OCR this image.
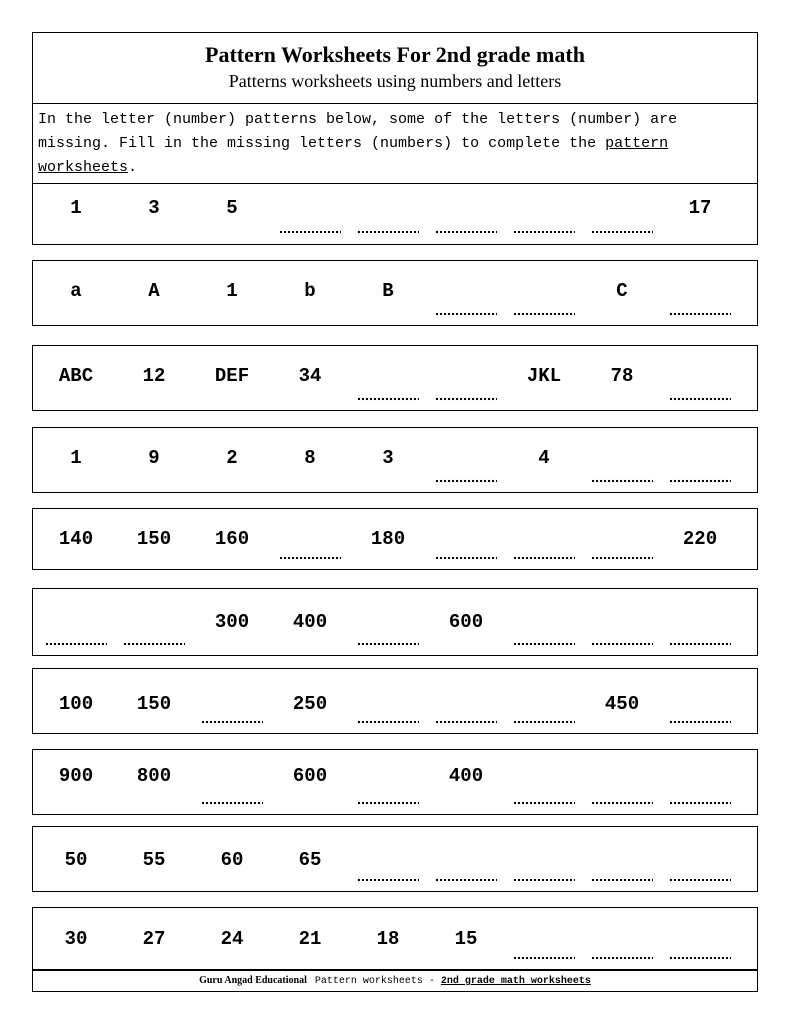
Pattern Worksheets For 2nd grade math
Patterns worksheets using numbers and letters
In the letter (number) patterns below, some of the letters (number) are missing. Fill in the missing letters (numbers) to complete the pattern worksheets.
1	3	5	17
a	A	1	b	B	C
ABC	12	DEF	34	JKL	78
1	9	2	8	3	4
140	150	160	180	220
300	400	600
100	150	250	450
900	800	600	400
50	55	60	65
30	27	24	21	18	15
Guru Angad Educational Pattern worksheets - 2nd grade math worksheets
